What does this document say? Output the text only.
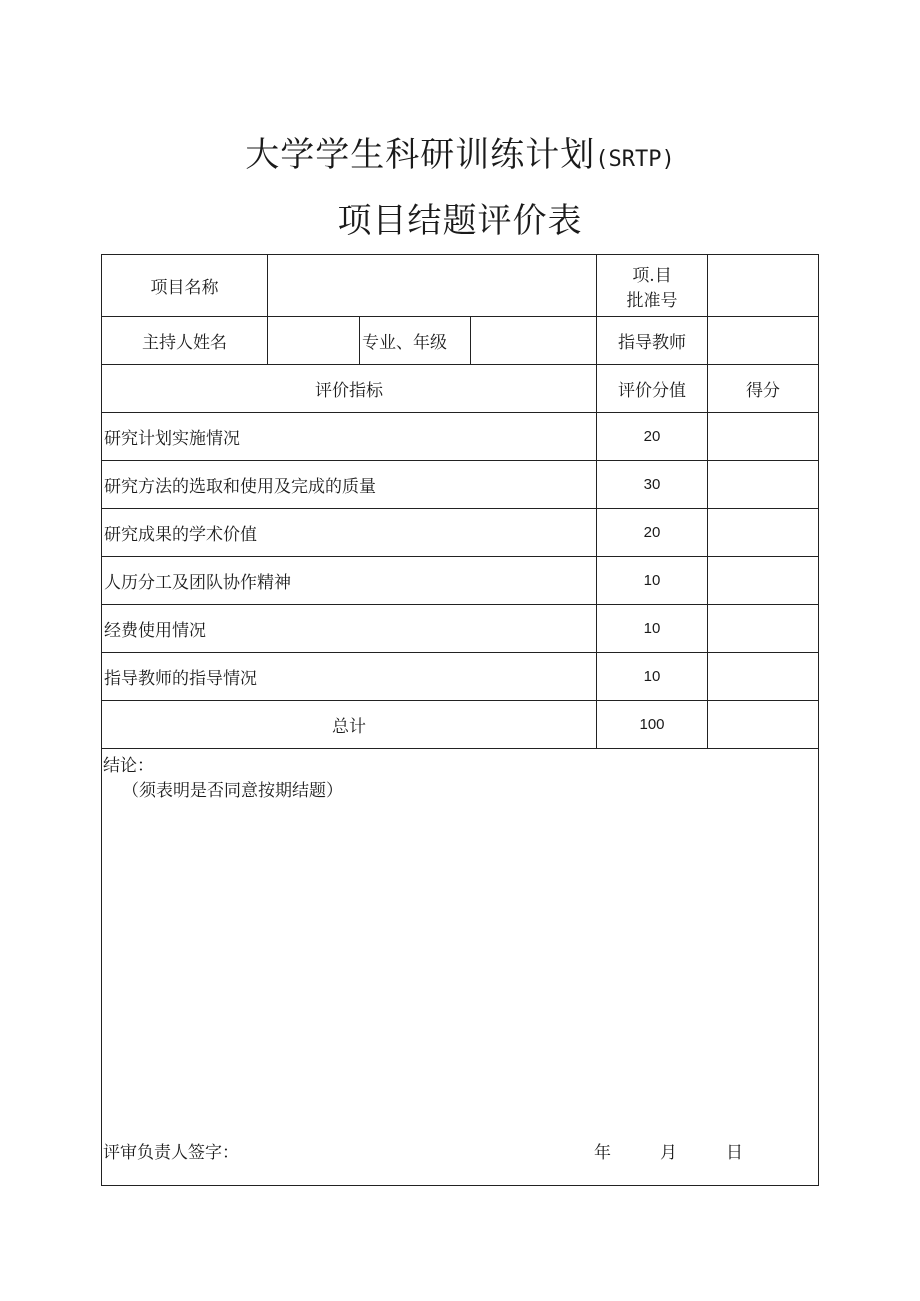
大学学生科研训练计划(SRTP)
项目结题评价表
项目名称				项.目
批准号	

主持人姓名		专业、年级		指导教师	
评价指标				评价分值	得分
研究计划实施情况				20	
研究方法的选取和使用及完成的质量				30	
研究成果的学术价值				20	
人历分工及团队协作精神				10	
经费使用情况				10	
指导教师的指导情况				10	
总计				100	

结论：
（须表明是否同意按期结题）
评审负责人签字： 年 月 日					
